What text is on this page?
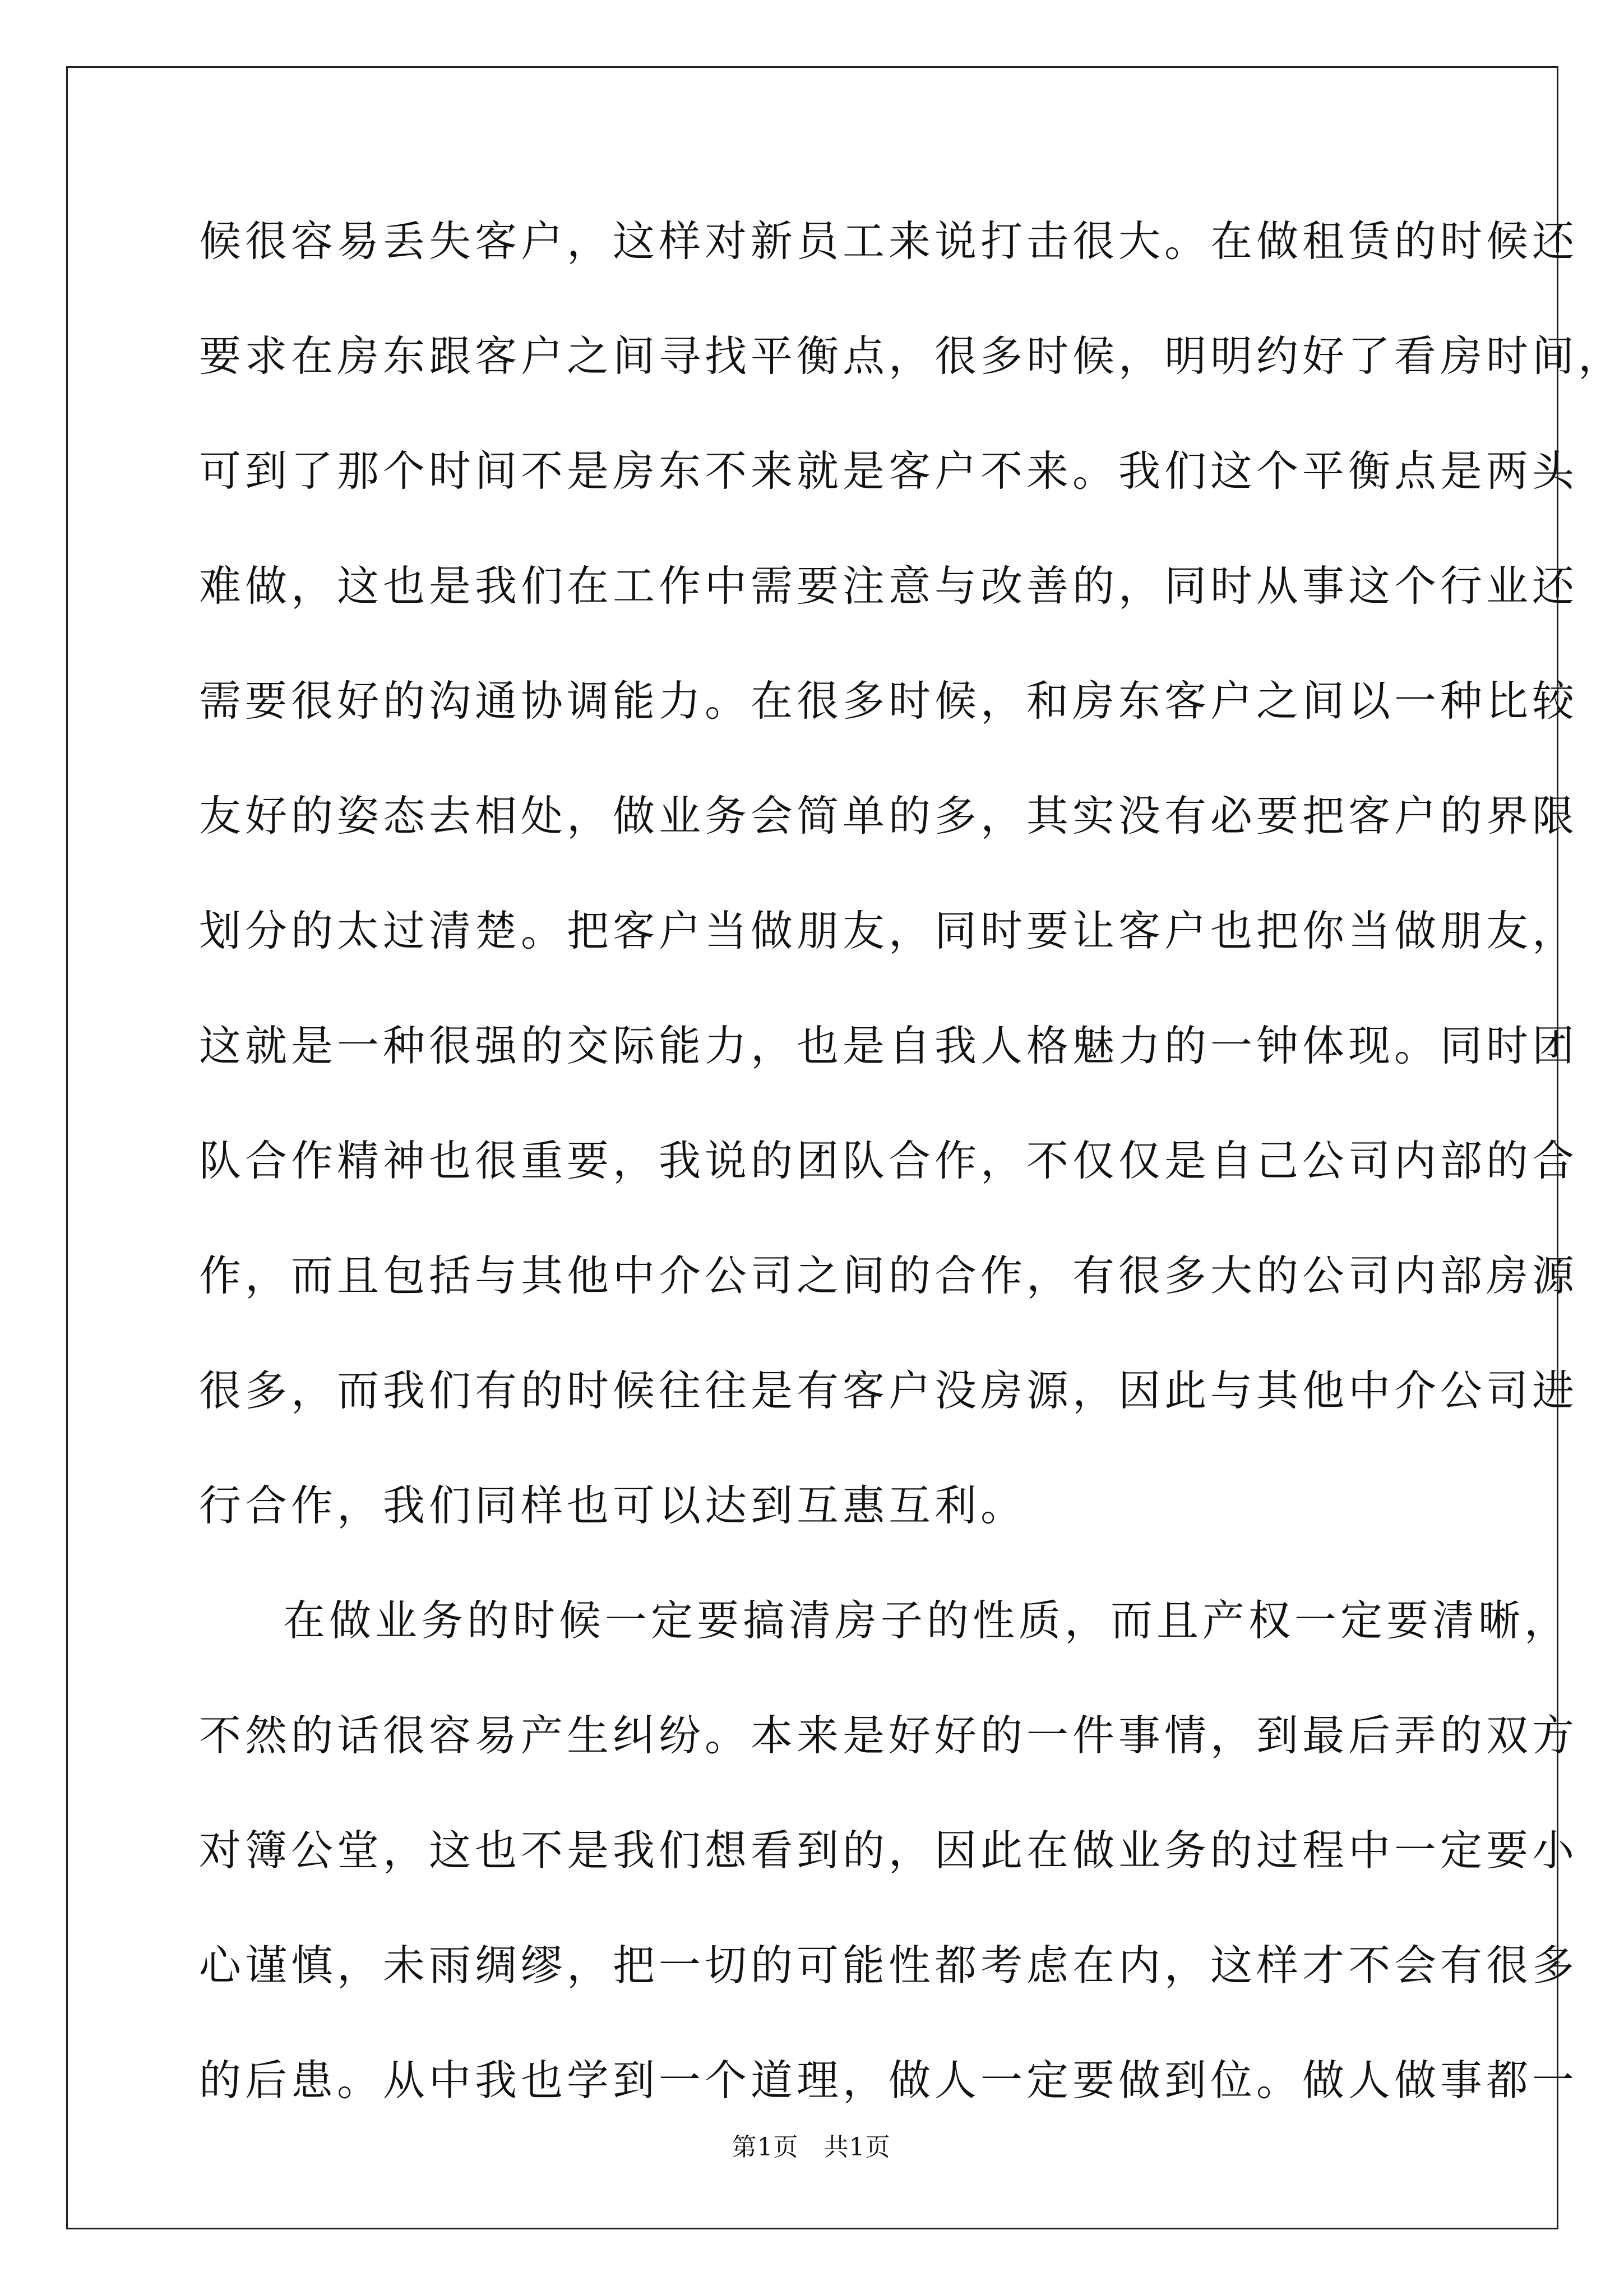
候很容易丢失客户，这样对新员工来说打击很大。在做租赁的时候还
要求在房东跟客户之间寻找平衡点，很多时候，明明约好了看房时间，
可到了那个时间不是房东不来就是客户不来。我们这个平衡点是两头
难做，这也是我们在工作中需要注意与改善的，同时从事这个行业还
需要很好的沟通协调能力。在很多时候，和房东客户之间以一种比较
友好的姿态去相处，做业务会简单的多，其实没有必要把客户的界限
划分的太过清楚。把客户当做朋友，同时要让客户也把你当做朋友，
这就是一种很强的交际能力，也是自我人格魅力的一钟体现。同时团
队合作精神也很重要，我说的团队合作，不仅仅是自己公司内部的合
作，而且包括与其他中介公司之间的合作，有很多大的公司内部房源
很多，而我们有的时候往往是有客户没房源，因此与其他中介公司进
行合作，我们同样也可以达到互惠互利。
在做业务的时候一定要搞清房子的性质，而且产权一定要清晰，
不然的话很容易产生纠纷。本来是好好的一件事情，到最后弄的双方
对簿公堂，这也不是我们想看到的，因此在做业务的过程中一定要小
心谨慎，未雨绸缪，把一切的可能性都考虑在内，这样才不会有很多
的后患。从中我也学到一个道理，做人一定要做到位。做人做事都一
第1页　共1页
